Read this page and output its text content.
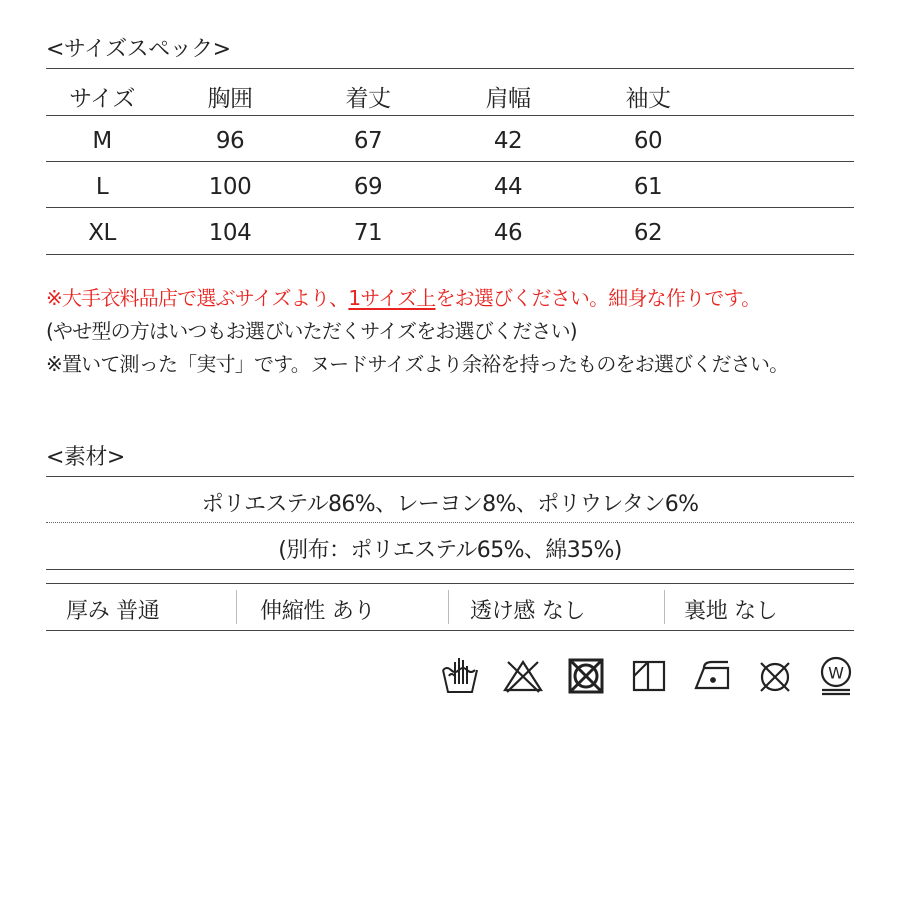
<サイズスペック>
サイズ	胸囲	着丈	肩幅	袖丈
M	96	67	42	60
L	100	69	44	61
XL	104	71	46	62
※大手衣料品店で選ぶサイズより、1サイズ上をお選びください。細身な作りです。
(やせ型の方はいつもお選びいただくサイズをお選びください)
※置いて測った「実寸」です。ヌードサイズより余裕を持ったものをお選びください。
<素材>
ポリエステル86%、レーヨン8%、ポリウレタン6%
(別布：ポリエステル65%、綿35%)
厚み 普通	伸縮性 あり	透け感 なし	裏地 なし
W
